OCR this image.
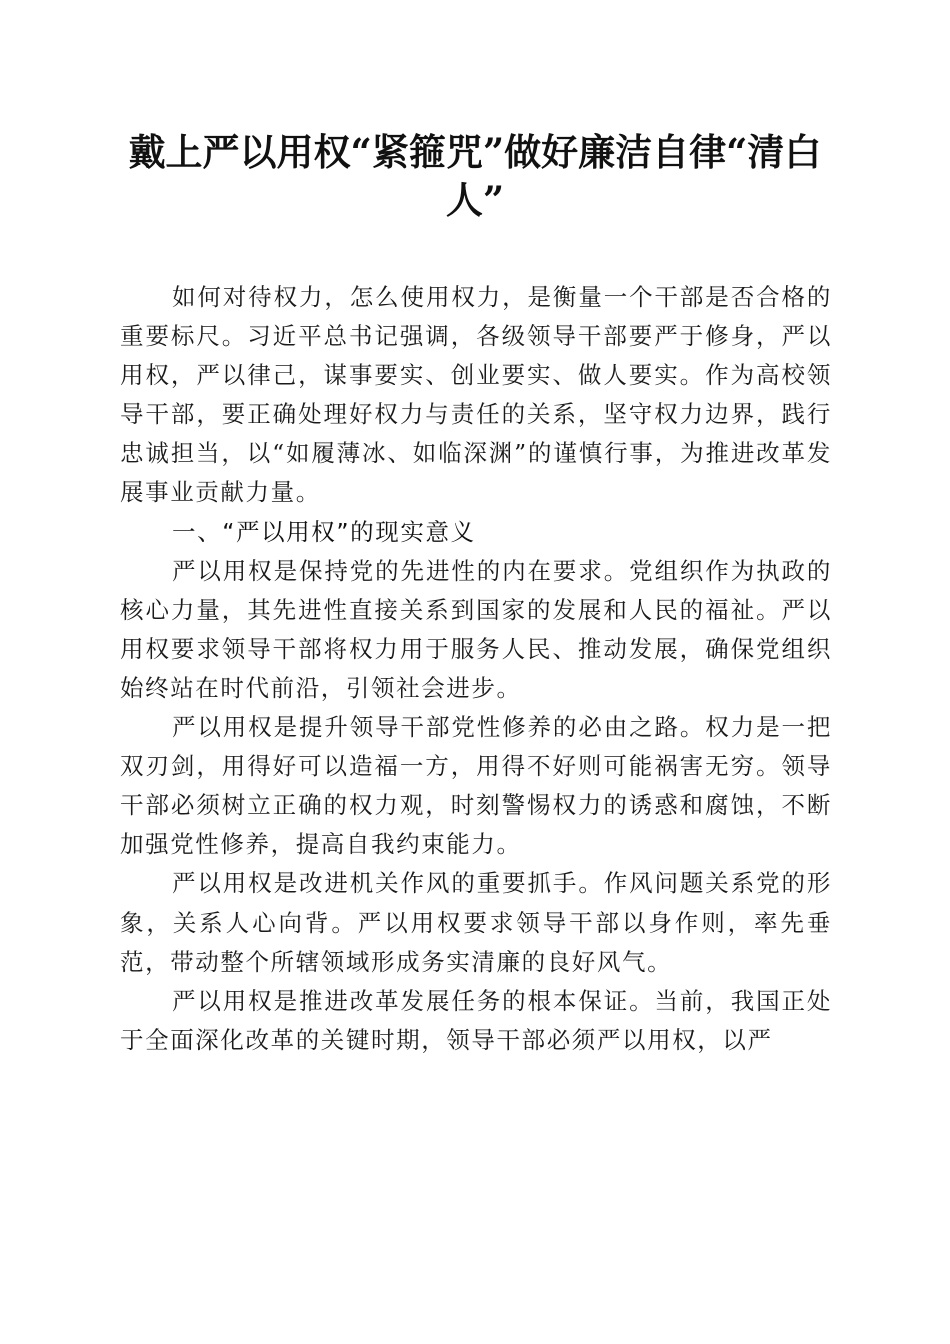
戴上严以用权“紧箍咒”做好廉洁自律“清白人”

如何对待权力，怎么使用权力，是衡量一个干部是否合格的重要标尺。习近平总书记强调，各级领导干部要严于修身，严以用权，严以律己，谋事要实、创业要实、做人要实。作为高校领导干部，要正确处理好权力与责任的关系，坚守权力边界，践行忠诚担当，以“如履薄冰、如临深渊”的谨慎行事，为推进改革发展事业贡献力量。

一、“严以用权”的现实意义

严以用权是保持党的先进性的内在要求。党组织作为执政的核心力量，其先进性直接关系到国家的发展和人民的福祉。严以用权要求领导干部将权力用于服务人民、推动发展，确保党组织始终站在时代前沿，引领社会进步。

严以用权是提升领导干部党性修养的必由之路。权力是一把双刃剑，用得好可以造福一方，用得不好则可能祸害无穷。领导干部必须树立正确的权力观，时刻警惕权力的诱惑和腐蚀，不断加强党性修养，提高自我约束能力。

严以用权是改进机关作风的重要抓手。作风问题关系党的形象，关系人心向背。严以用权要求领导干部以身作则，率先垂范，带动整个所辖领域形成务实清廉的良好风气。

严以用权是推进改革发展任务的根本保证。当前，我国正处于全面深化改革的关键时期，领导干部必须严以用权，以严
